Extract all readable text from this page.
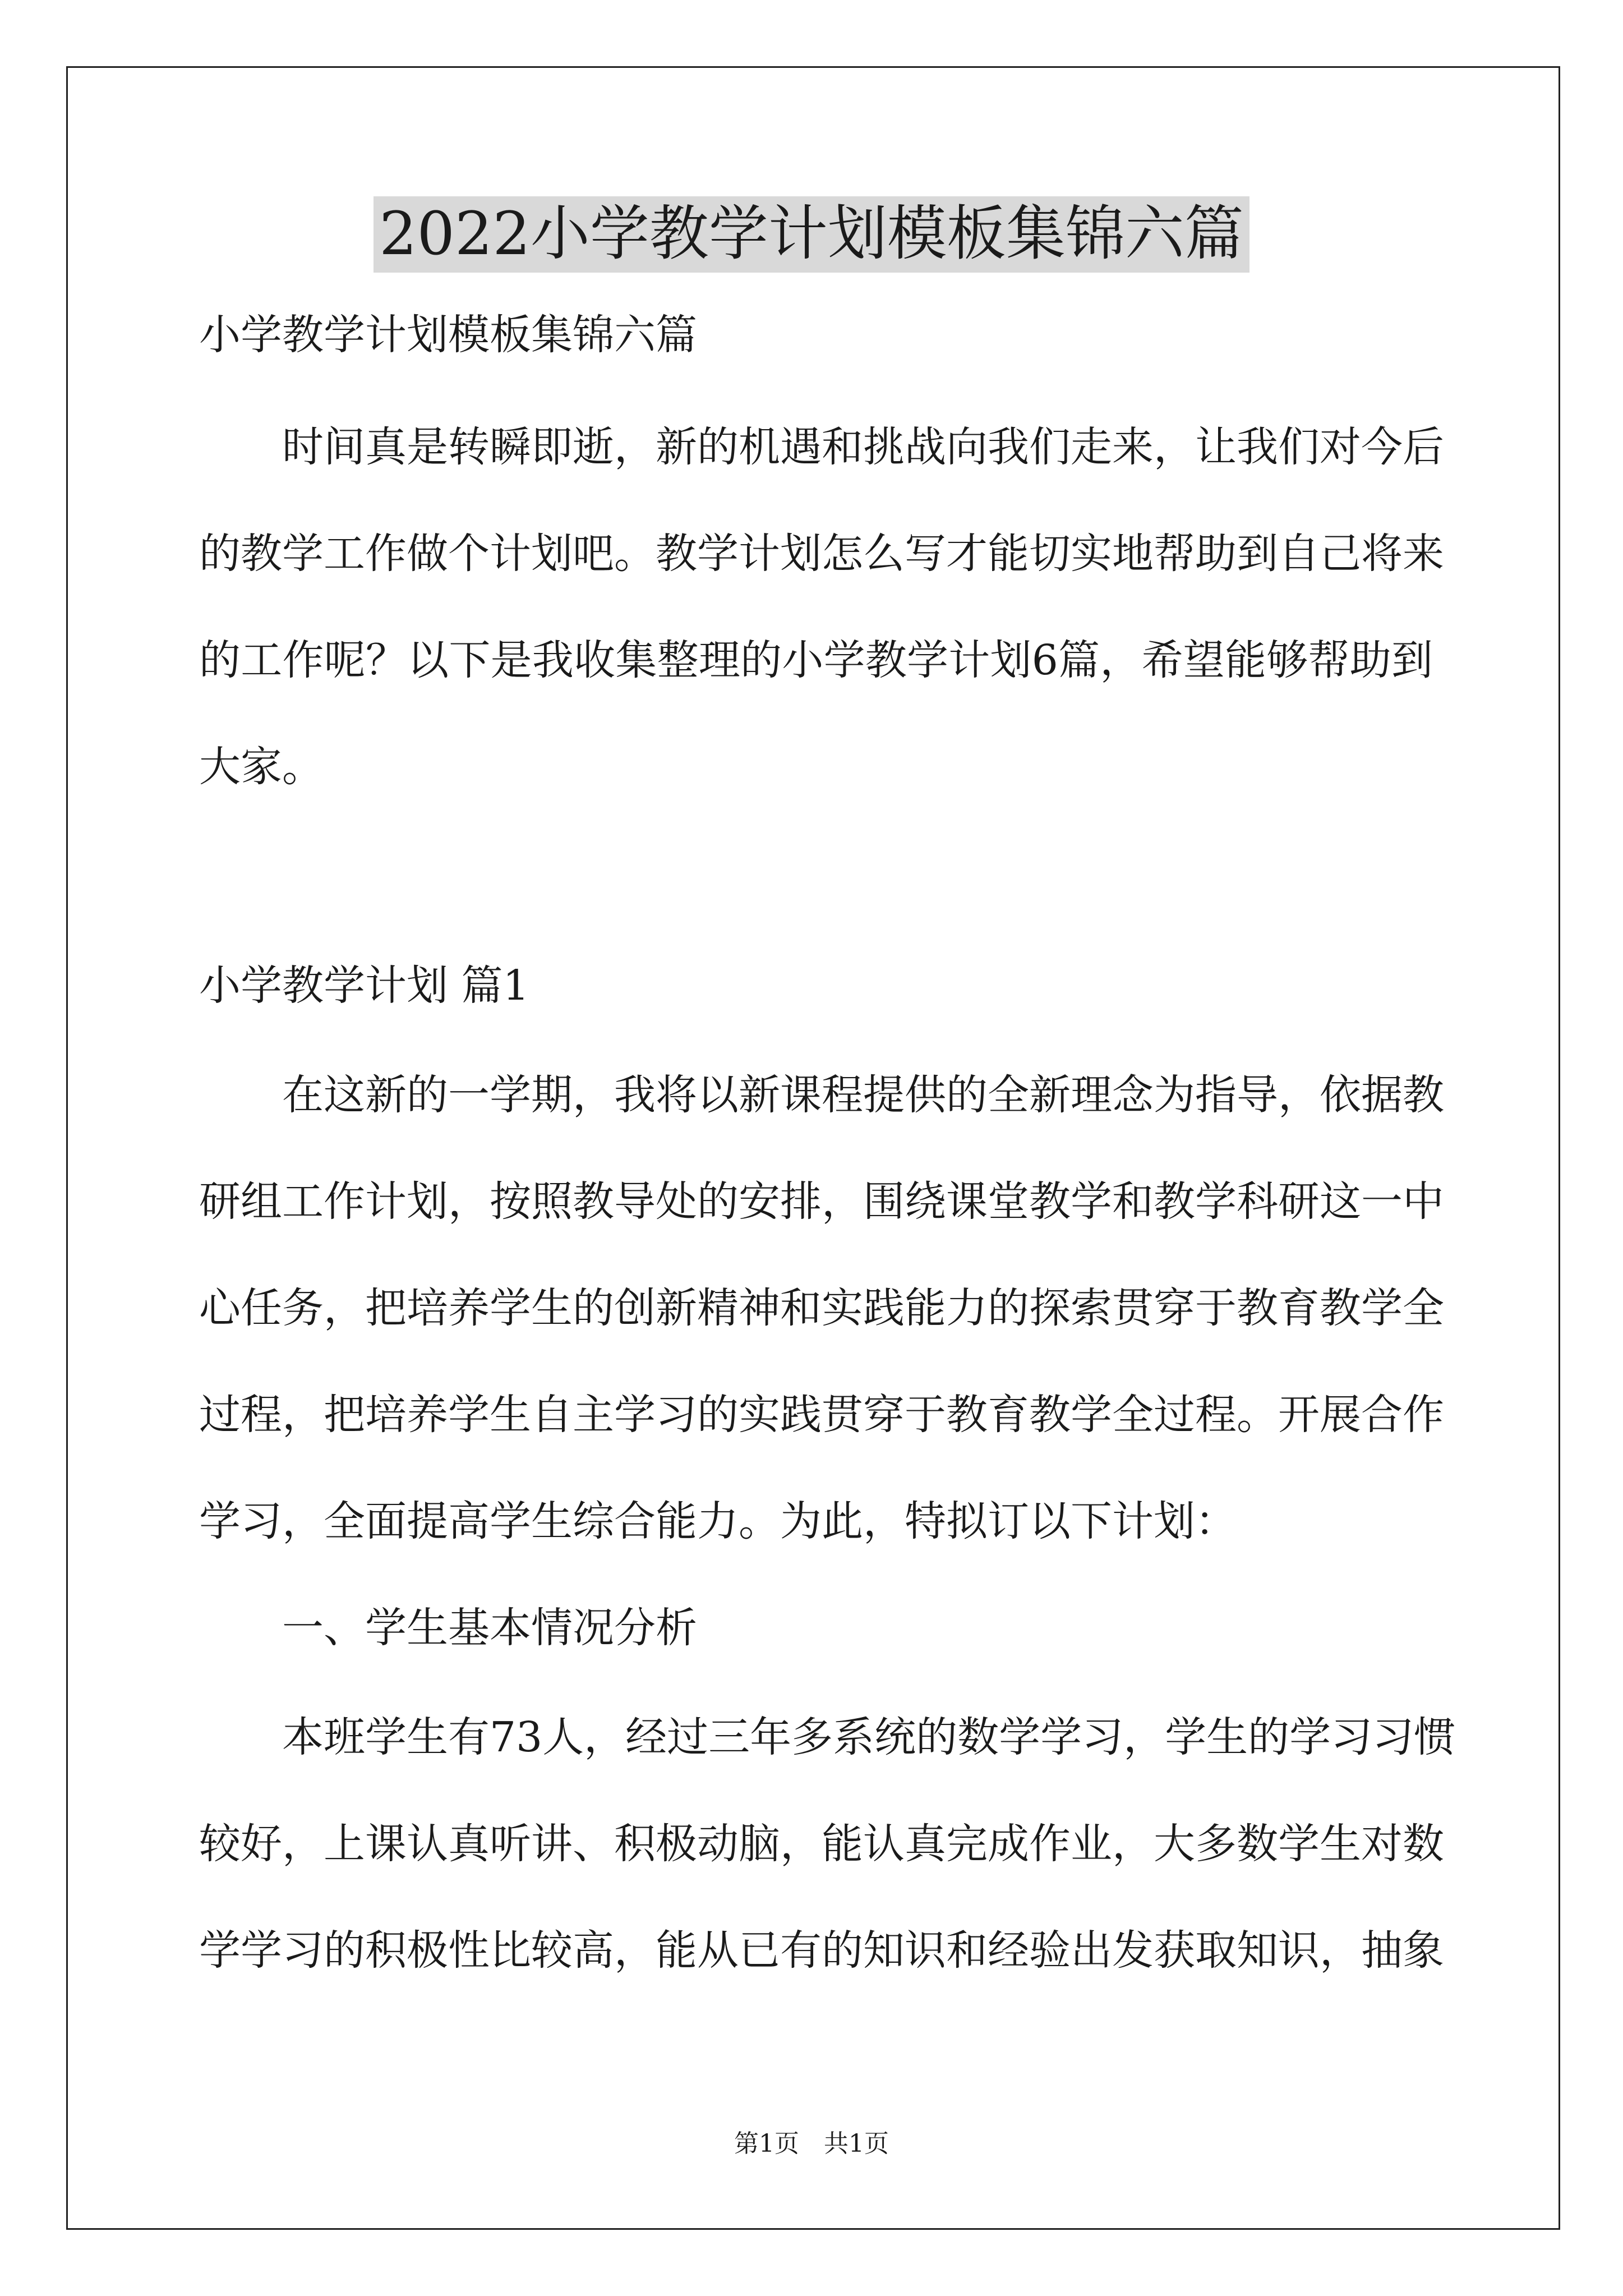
2022小学教学计划模板集锦六篇
小学教学计划模板集锦六篇
　　时间真是转瞬即逝，新的机遇和挑战向我们走来，让我们对今后
的教学工作做个计划吧。教学计划怎么写才能切实地帮助到自己将来
的工作呢？以下是我收集整理的小学教学计划6篇，希望能够帮助到
大家。
小学教学计划 篇1
　　在这新的一学期，我将以新课程提供的全新理念为指导，依据教
研组工作计划，按照教导处的安排，围绕课堂教学和教学科研这一中
心任务，把培养学生的创新精神和实践能力的探索贯穿于教育教学全
过程，把培养学生自主学习的实践贯穿于教育教学全过程。开展合作
学习，全面提高学生综合能力。为此，特拟订以下计划：
　　一、学生基本情况分析
　　本班学生有73人，经过三年多系统的数学学习，学生的学习习惯
较好，上课认真听讲、积极动脑，能认真完成作业，大多数学生对数
学学习的积极性比较高，能从已有的知识和经验出发获取知识，抽象
第1页　共1页
